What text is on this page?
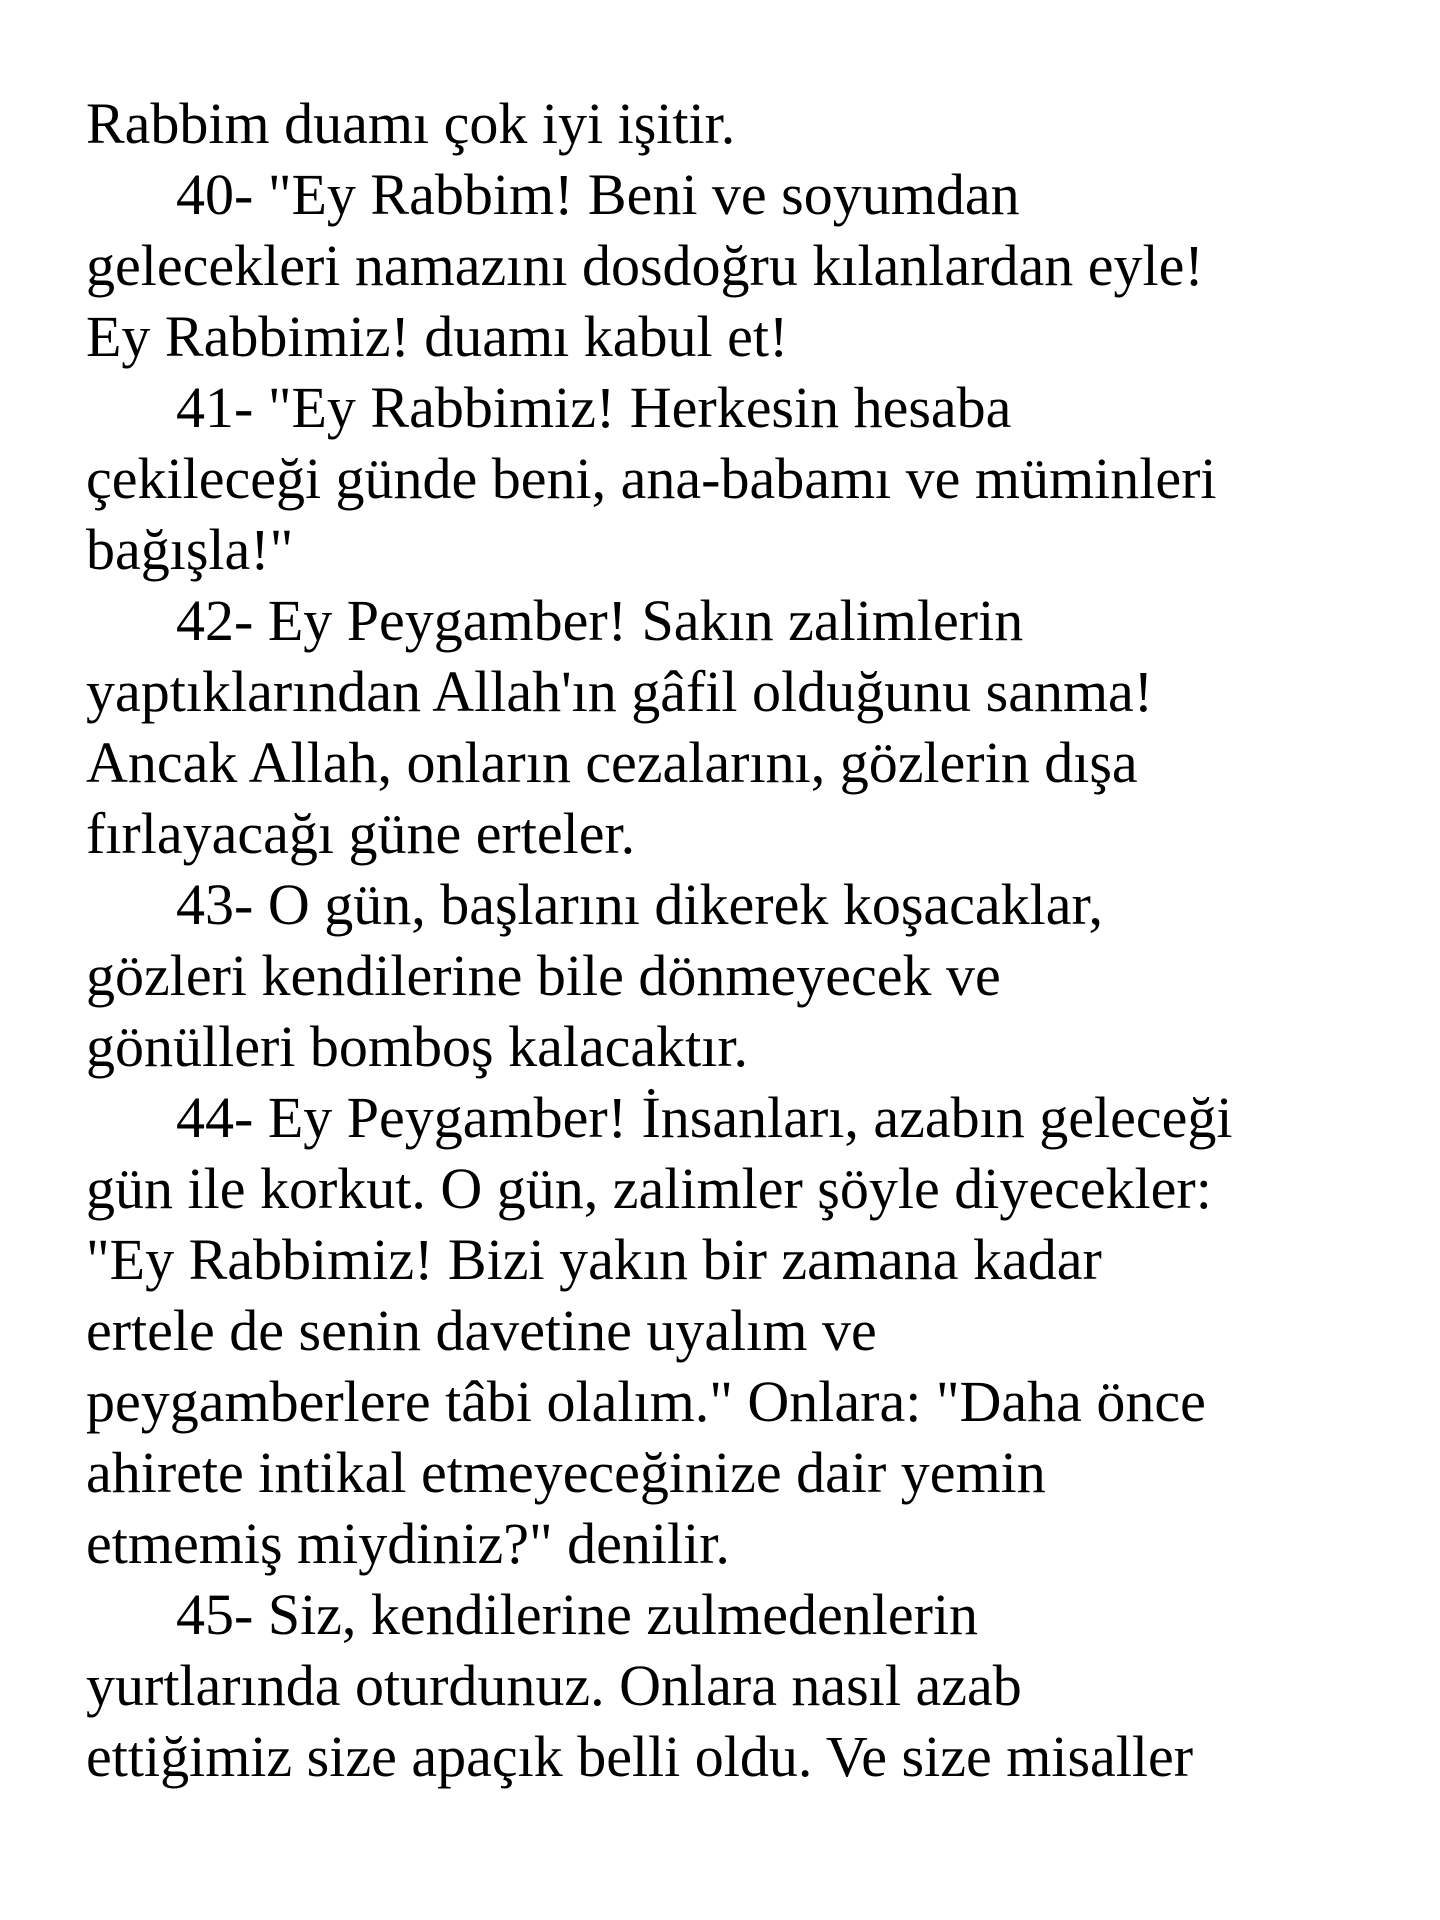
Rabbim duamı çok iyi işitir.
40- "Ey Rabbim! Beni ve soyumdan
gelecekleri namazını dosdoğru kılanlardan eyle!
Ey Rabbimiz! duamı kabul et!
41- "Ey Rabbimiz! Herkesin hesaba
çekileceği günde beni, ana-babamı ve müminleri
bağışla!"
42- Ey Peygamber! Sakın zalimlerin
yaptıklarından Allah'ın gâfil olduğunu sanma!
Ancak Allah, onların cezalarını, gözlerin dışa
fırlayacağı güne erteler.
43- O gün, başlarını dikerek koşacaklar,
gözleri kendilerine bile dönmeyecek ve
gönülleri bomboş kalacaktır.
44- Ey Peygamber! İnsanları, azabın geleceği
gün ile korkut. O gün, zalimler şöyle diyecekler:
"Ey Rabbimiz! Bizi yakın bir zamana kadar
ertele de senin davetine uyalım ve
peygamberlere tâbi olalım." Onlara: "Daha önce
ahirete intikal etmeyeceğinize dair yemin
etmemiş miydiniz?" denilir.
45- Siz, kendilerine zulmedenlerin
yurtlarında oturdunuz. Onlara nasıl azab
ettiğimiz size apaçık belli oldu. Ve size misaller
